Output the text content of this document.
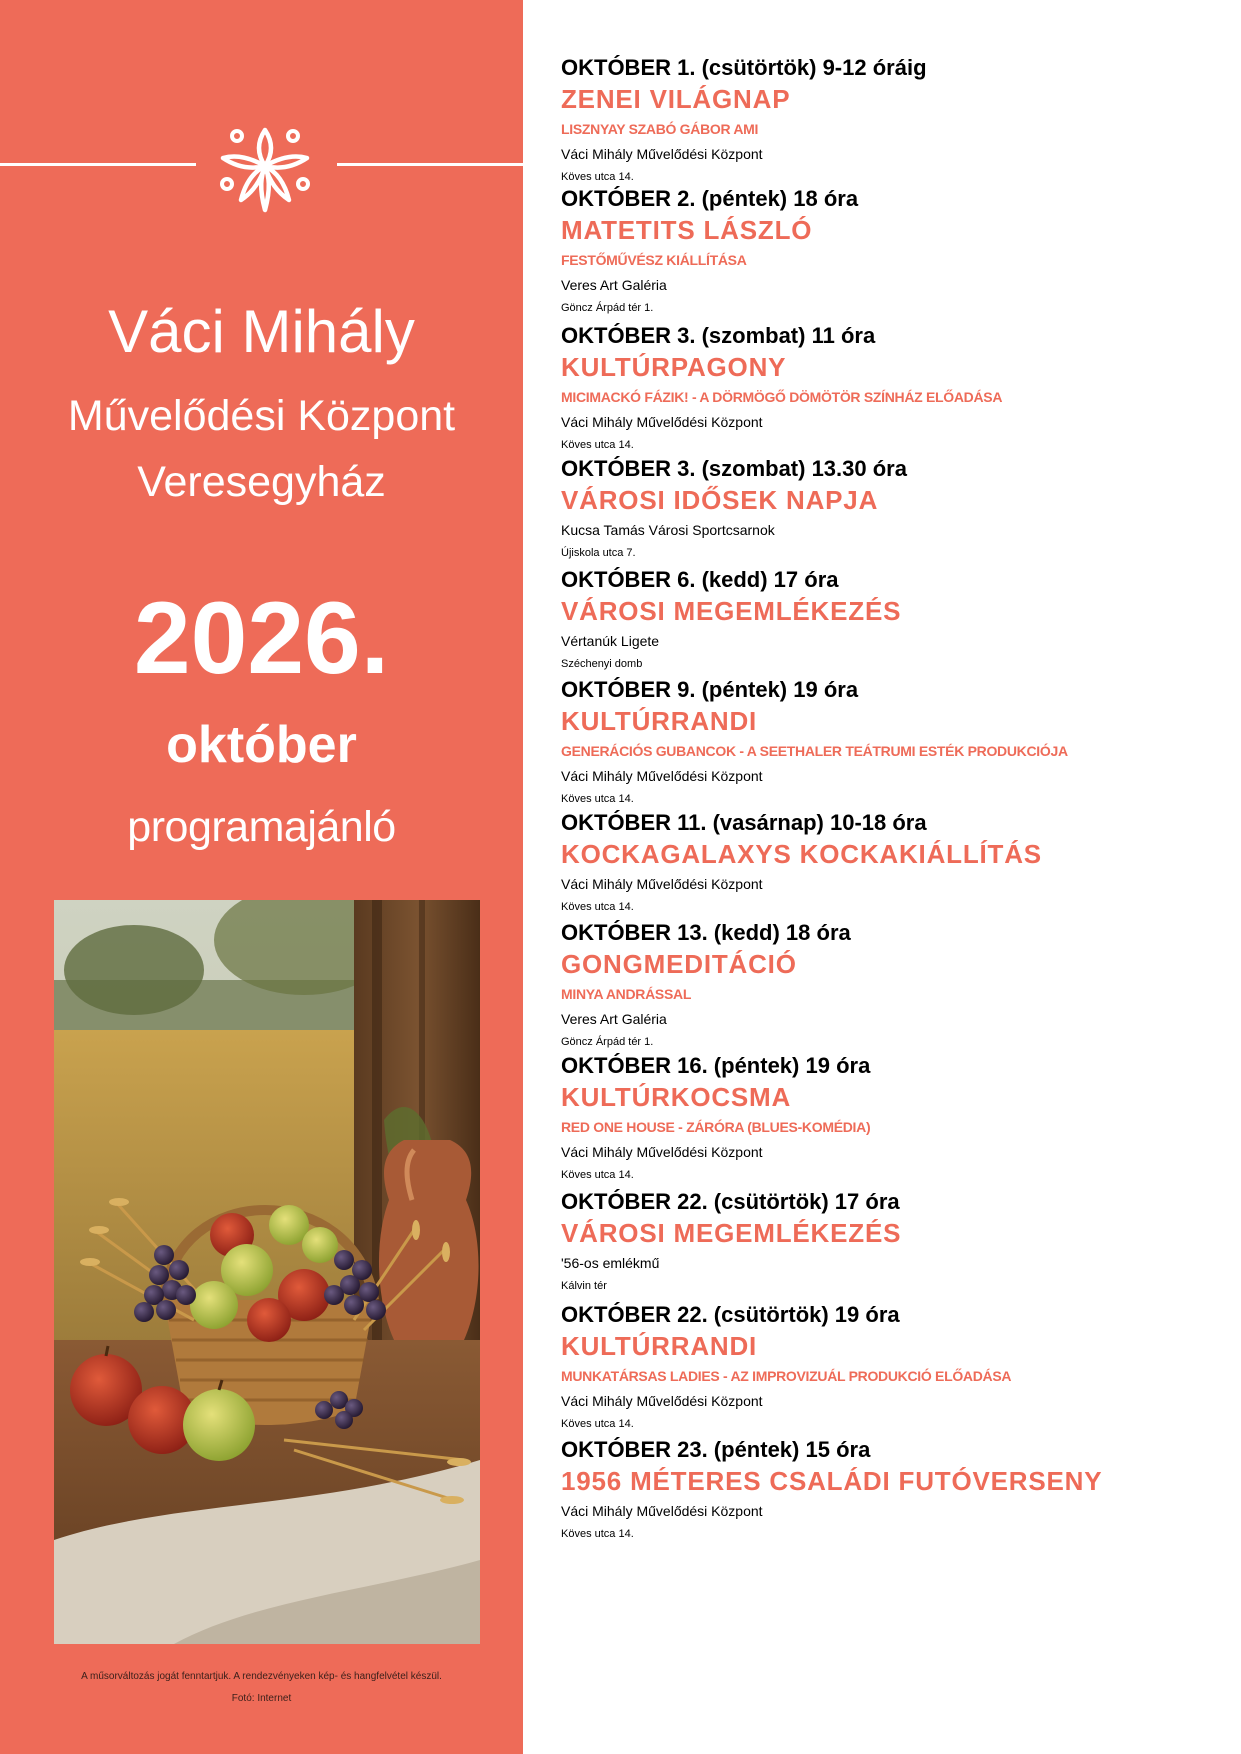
Váci Mihály
Művelődési Központ
Veresegyház
2026.
október
programajánló
A műsorváltozás jogát fenntartjuk. A rendezvényeken kép- és hangfelvétel készül.
Fotó: Internet
OKTÓBER 1. (csütörtök) 9-12 óráig
ZENEI VILÁGNAP
LISZNYAY SZABÓ GÁBOR AMI
Váci Mihály Művelődési Központ
Köves utca 14.
OKTÓBER 2. (péntek) 18 óra
MATETITS LÁSZLÓ
FESTŐMŰVÉSZ KIÁLLÍTÁSA
Veres Art Galéria
Göncz Árpád tér 1.
OKTÓBER 3. (szombat) 11 óra
KULTÚRPAGONY
MICIMACKÓ FÁZIK! - A DÖRMÖGŐ DÖMÖTÖR SZÍNHÁZ ELŐADÁSA
Váci Mihály Művelődési Központ
Köves utca 14.
OKTÓBER 3. (szombat) 13.30 óra
VÁROSI IDŐSEK NAPJA
Kucsa Tamás Városi Sportcsarnok
Újiskola utca 7.
OKTÓBER 6. (kedd) 17 óra
VÁROSI MEGEMLÉKEZÉS
Vértanúk Ligete
Széchenyi domb
OKTÓBER 9. (péntek) 19 óra
KULTÚRRANDI
GENERÁCIÓS GUBANCOK - A SEETHALER TEÁTRUMI ESTÉK PRODUKCIÓJA
Váci Mihály Művelődési Központ
Köves utca 14.
OKTÓBER 11. (vasárnap) 10-18 óra
KOCKAGALAXYS KOCKAKIÁLLÍTÁS
Váci Mihály Művelődési Központ
Köves utca 14.
OKTÓBER 13. (kedd) 18 óra
GONGMEDITÁCIÓ
MINYA ANDRÁSSAL
Veres Art Galéria
Göncz Árpád tér 1.
OKTÓBER 16. (péntek) 19 óra
KULTÚRKOCSMA
RED ONE HOUSE - ZÁRÓRA (BLUES-KOMÉDIA)
Váci Mihály Művelődési Központ
Köves utca 14.
OKTÓBER 22. (csütörtök) 17 óra
VÁROSI MEGEMLÉKEZÉS
'56-os emlékmű
Kálvin tér
OKTÓBER 22. (csütörtök) 19 óra
KULTÚRRANDI
MUNKATÁRSAS LADIES - AZ IMPROVIZUÁL PRODUKCIÓ ELŐADÁSA
Váci Mihály Művelődési Központ
Köves utca 14.
OKTÓBER 23. (péntek) 15 óra
1956 MÉTERES CSALÁDI FUTÓVERSENY
Váci Mihály Művelődési Központ
Köves utca 14.
